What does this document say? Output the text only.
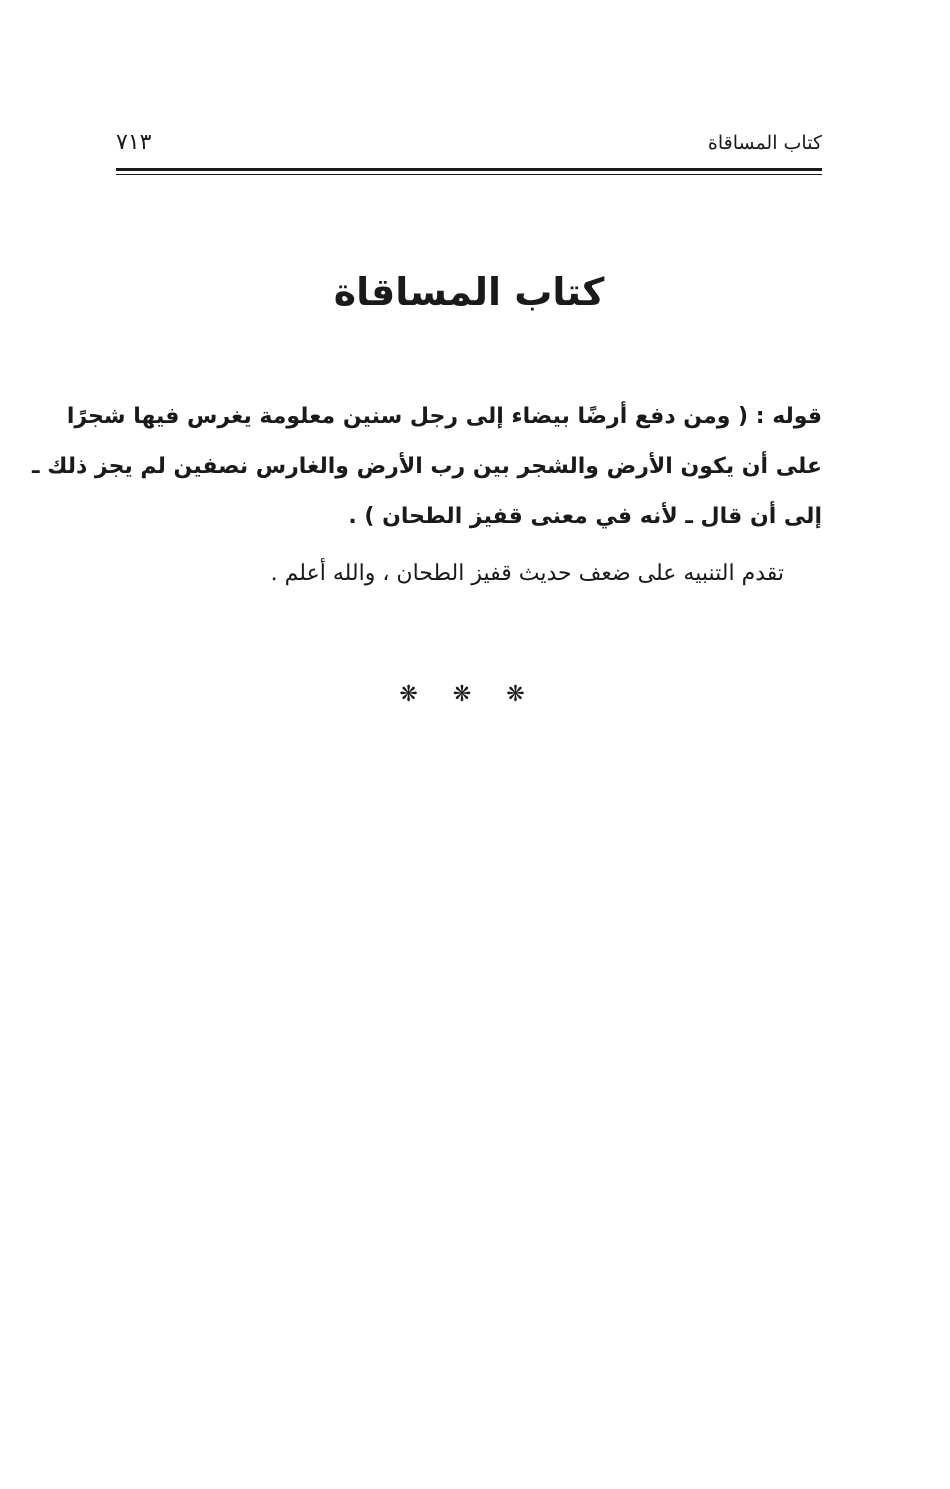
كتاب المساقاة
٧١٣
كتاب المساقاة
قوله : ( ومن دفع أرضًا بيضاء إلى رجل سنين معلومة يغرس فيها شجرًا
على أن يكون الأرض والشجر بين رب الأرض والغارس نصفين لم يجز ذلك ـ
إلى أن قال ـ لأنه في معنى قفيز الطحان ) .
تقدم التنبيه على ضعف حديث قفيز الطحان ، والله أعلم .
❋ ❋ ❋
